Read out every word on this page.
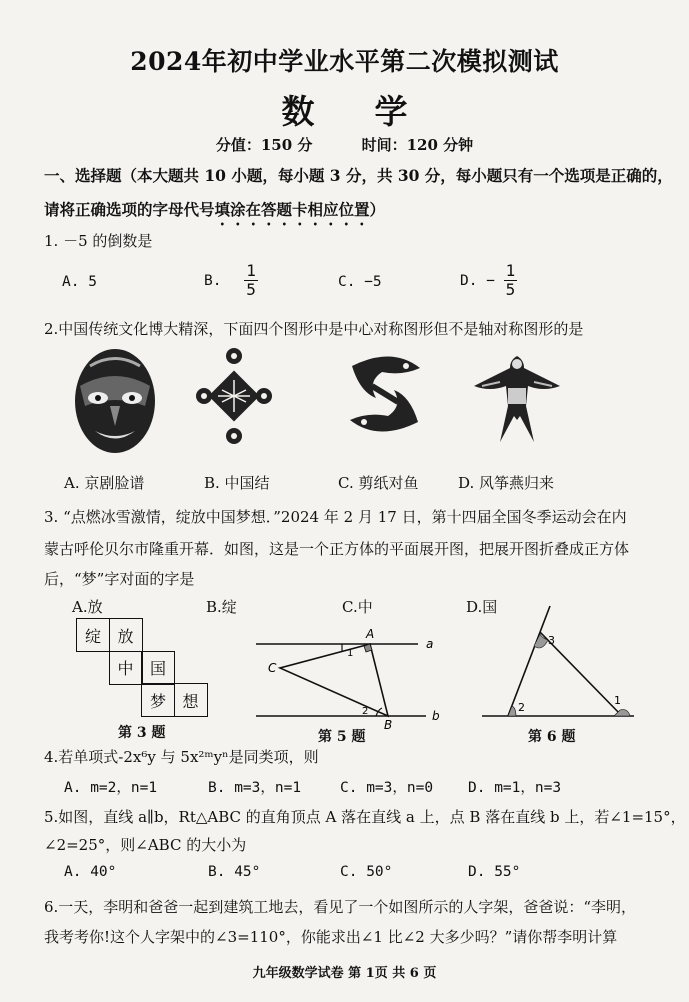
2024年初中学业水平第二次模拟测试
数学
分值：150 分	时间：120 分钟
一、选择题（本大题共 10 小题，每小题 3 分，共 30 分，每小题只有一个选项是正确的，
请将正确选项的字母代号填涂在答题卡相应位置）
1. －5 的倒数是
A. 5	B. $\frac{1}{5}$	C. −5	D. − $\frac{1}{5}$
2.中国传统文化博大精深，下面四个图形中是中心对称图形但不是轴对称图形的是
A. 京剧脸谱	B. 中国结	C. 剪纸对鱼	D. 风筝燕归来
3. “点燃冰雪激情，绽放中国梦想．”2024 年 2 月 17 日，第十四届全国冬季运动会在内
蒙古呼伦贝尔市隆重开幕．如图，这是一个正方体的平面展开图，把展开图折叠成正方体
后，“梦”字对面的字是
A.放	B.绽	C.中	D.国
绽	放
中	国
梦	想
第 3 题
A
a
C
1
2
B
b
第 5 题
3
2
1
第 6 题
4.若单项式-2x⁶y 与 5x²ᵐyⁿ是同类项，则
A. m=2，n=1	B. m=3，n=1	C. m=3，n=0 D. m=1，n=3
5.如图，直线 a∥b，Rt△ABC 的直角顶点 A 落在直线 a 上，点 B 落在直线 b 上，若∠1=15°，
∠2=25°，则∠ABC 的大小为
A. 40°	B. 45°	C. 50°	D. 55°
6.一天，李明和爸爸一起到建筑工地去，看见了一个如图所示的人字架，爸爸说：“李明，
我考考你!这个人字架中的∠3=110°，你能求出∠1 比∠2 大多少吗？”请你帮李明计算
九年级数学试卷 第 1页 共 6 页
